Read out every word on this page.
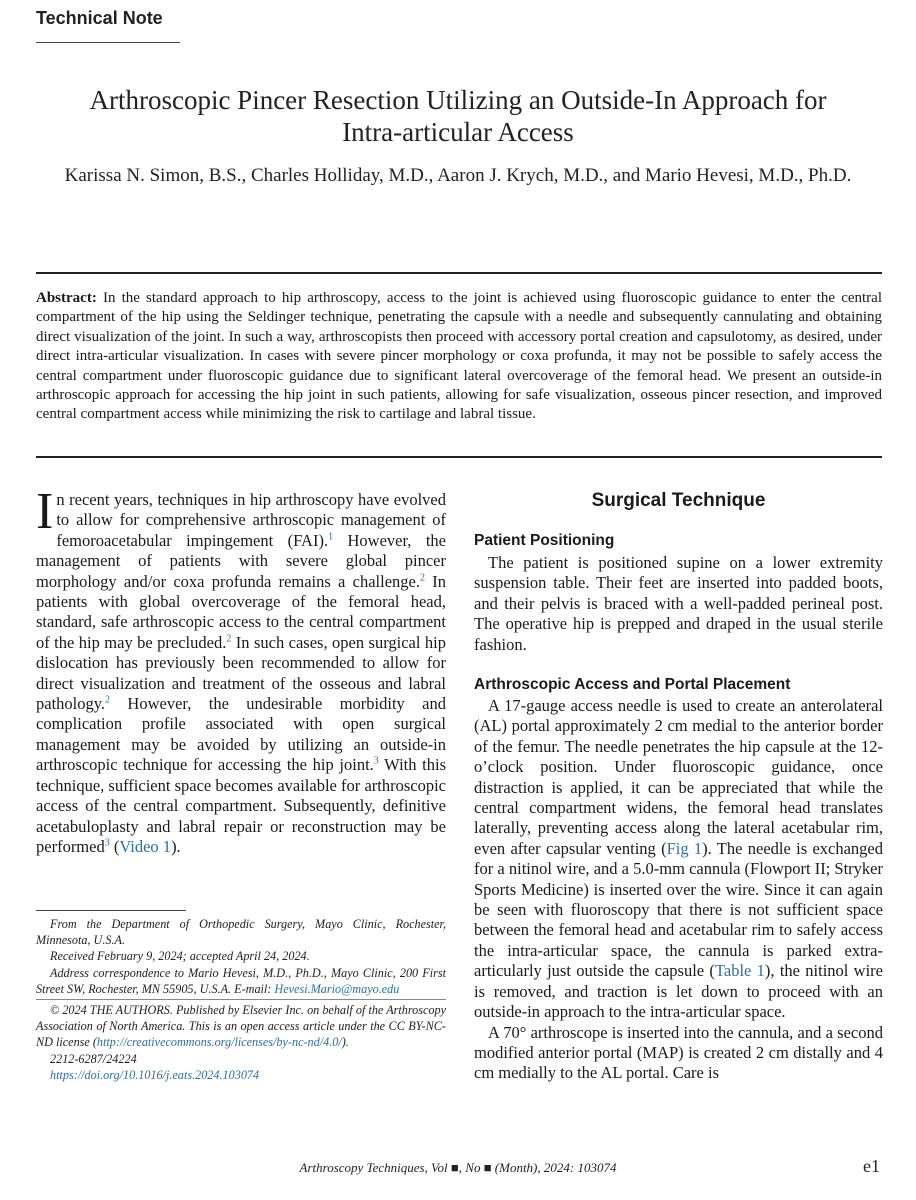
Technical Note
Arthroscopic Pincer Resection Utilizing an Outside-In Approach for Intra-articular Access
Karissa N. Simon, B.S., Charles Holliday, M.D., Aaron J. Krych, M.D., and Mario Hevesi, M.D., Ph.D.
Abstract: In the standard approach to hip arthroscopy, access to the joint is achieved using fluoroscopic guidance to enter the central compartment of the hip using the Seldinger technique, penetrating the capsule with a needle and subsequently cannulating and obtaining direct visualization of the joint. In such a way, arthroscopists then proceed with accessory portal creation and capsulotomy, as desired, under direct intra-articular visualization. In cases with severe pincer morphology or coxa profunda, it may not be possible to safely access the central compartment under fluoroscopic guidance due to significant lateral overcoverage of the femoral head. We present an outside-in arthroscopic approach for accessing the hip joint in such patients, allowing for safe visualization, osseous pincer resection, and improved central compartment access while minimizing the risk to cartilage and labral tissue.
In recent years, techniques in hip arthroscopy have evolved to allow for comprehensive arthroscopic management of femoroacetabular impingement (FAI).$^1$ However, the management of patients with severe global pincer morphology and/or coxa profunda remains a challenge.$^2$ In patients with global overcoverage of the femoral head, standard, safe arthroscopic access to the central compartment of the hip may be precluded.$^2$ In such cases, open surgical hip dislocation has previously been recommended to allow for direct visualization and treatment of the osseous and labral pathology.$^2$ However, the undesirable morbidity and complication profile associated with open surgical management may be avoided by utilizing an outside-in arthroscopic technique for accessing the hip joint.$^3$ With this technique, sufficient space becomes available for arthroscopic access of the central compartment. Subsequently, definitive acetabuloplasty and labral repair or reconstruction may be performed$^3$ (Video 1).
Surgical Technique
Patient Positioning

The patient is positioned supine on a lower extremity suspension table. Their feet are inserted into padded boots, and their pelvis is braced with a well-padded perineal post. The operative hip is prepped and draped in the usual sterile fashion.

Arthroscopic Access and Portal Placement

A 17-gauge access needle is used to create an anterolateral (AL) portal approximately 2 cm medial to the anterior border of the femur. The needle penetrates the hip capsule at the 12-o’clock position. Under fluoroscopic guidance, once distraction is applied, it can be appreciated that while the central compartment widens, the femoral head translates laterally, preventing access along the lateral acetabular rim, even after capsular venting (Fig 1). The needle is exchanged for a nitinol wire, and a 5.0-mm cannula (Flowport II; Stryker Sports Medicine) is inserted over the wire. Since it can again be seen with fluoroscopy that there is not sufficient space between the femoral head and acetabular rim to safely access the intra-articular space, the cannula is parked extra-articularly just outside the capsule (Table 1), the nitinol wire is removed, and traction is let down to proceed with an outside-in approach to the intra-articular space.

A 70° arthroscope is inserted into the cannula, and a second modified anterior portal (MAP) is created 2 cm distally and 4 cm medially to the AL portal. Care is

From the Department of Orthopedic Surgery, Mayo Clinic, Rochester, Minnesota, U.S.A.
Received February 9, 2024; accepted April 24, 2024.
Address correspondence to Mario Hevesi, M.D., Ph.D., Mayo Clinic, 200 First Street SW, Rochester, MN 55905, U.S.A. E-mail: Hevesi.Mario@mayo.edu
© 2024 THE AUTHORS. Published by Elsevier Inc. on behalf of the Arthroscopy Association of North America. This is an open access article under the CC BY-NC-ND license (http://creativecommons.org/licenses/by-nc-nd/4.0/).
2212-6287/24224
https://doi.org/10.1016/j.eats.2024.103074
Arthroscopy Techniques, Vol ■, No ■ (Month), 2024: 103074	e1
